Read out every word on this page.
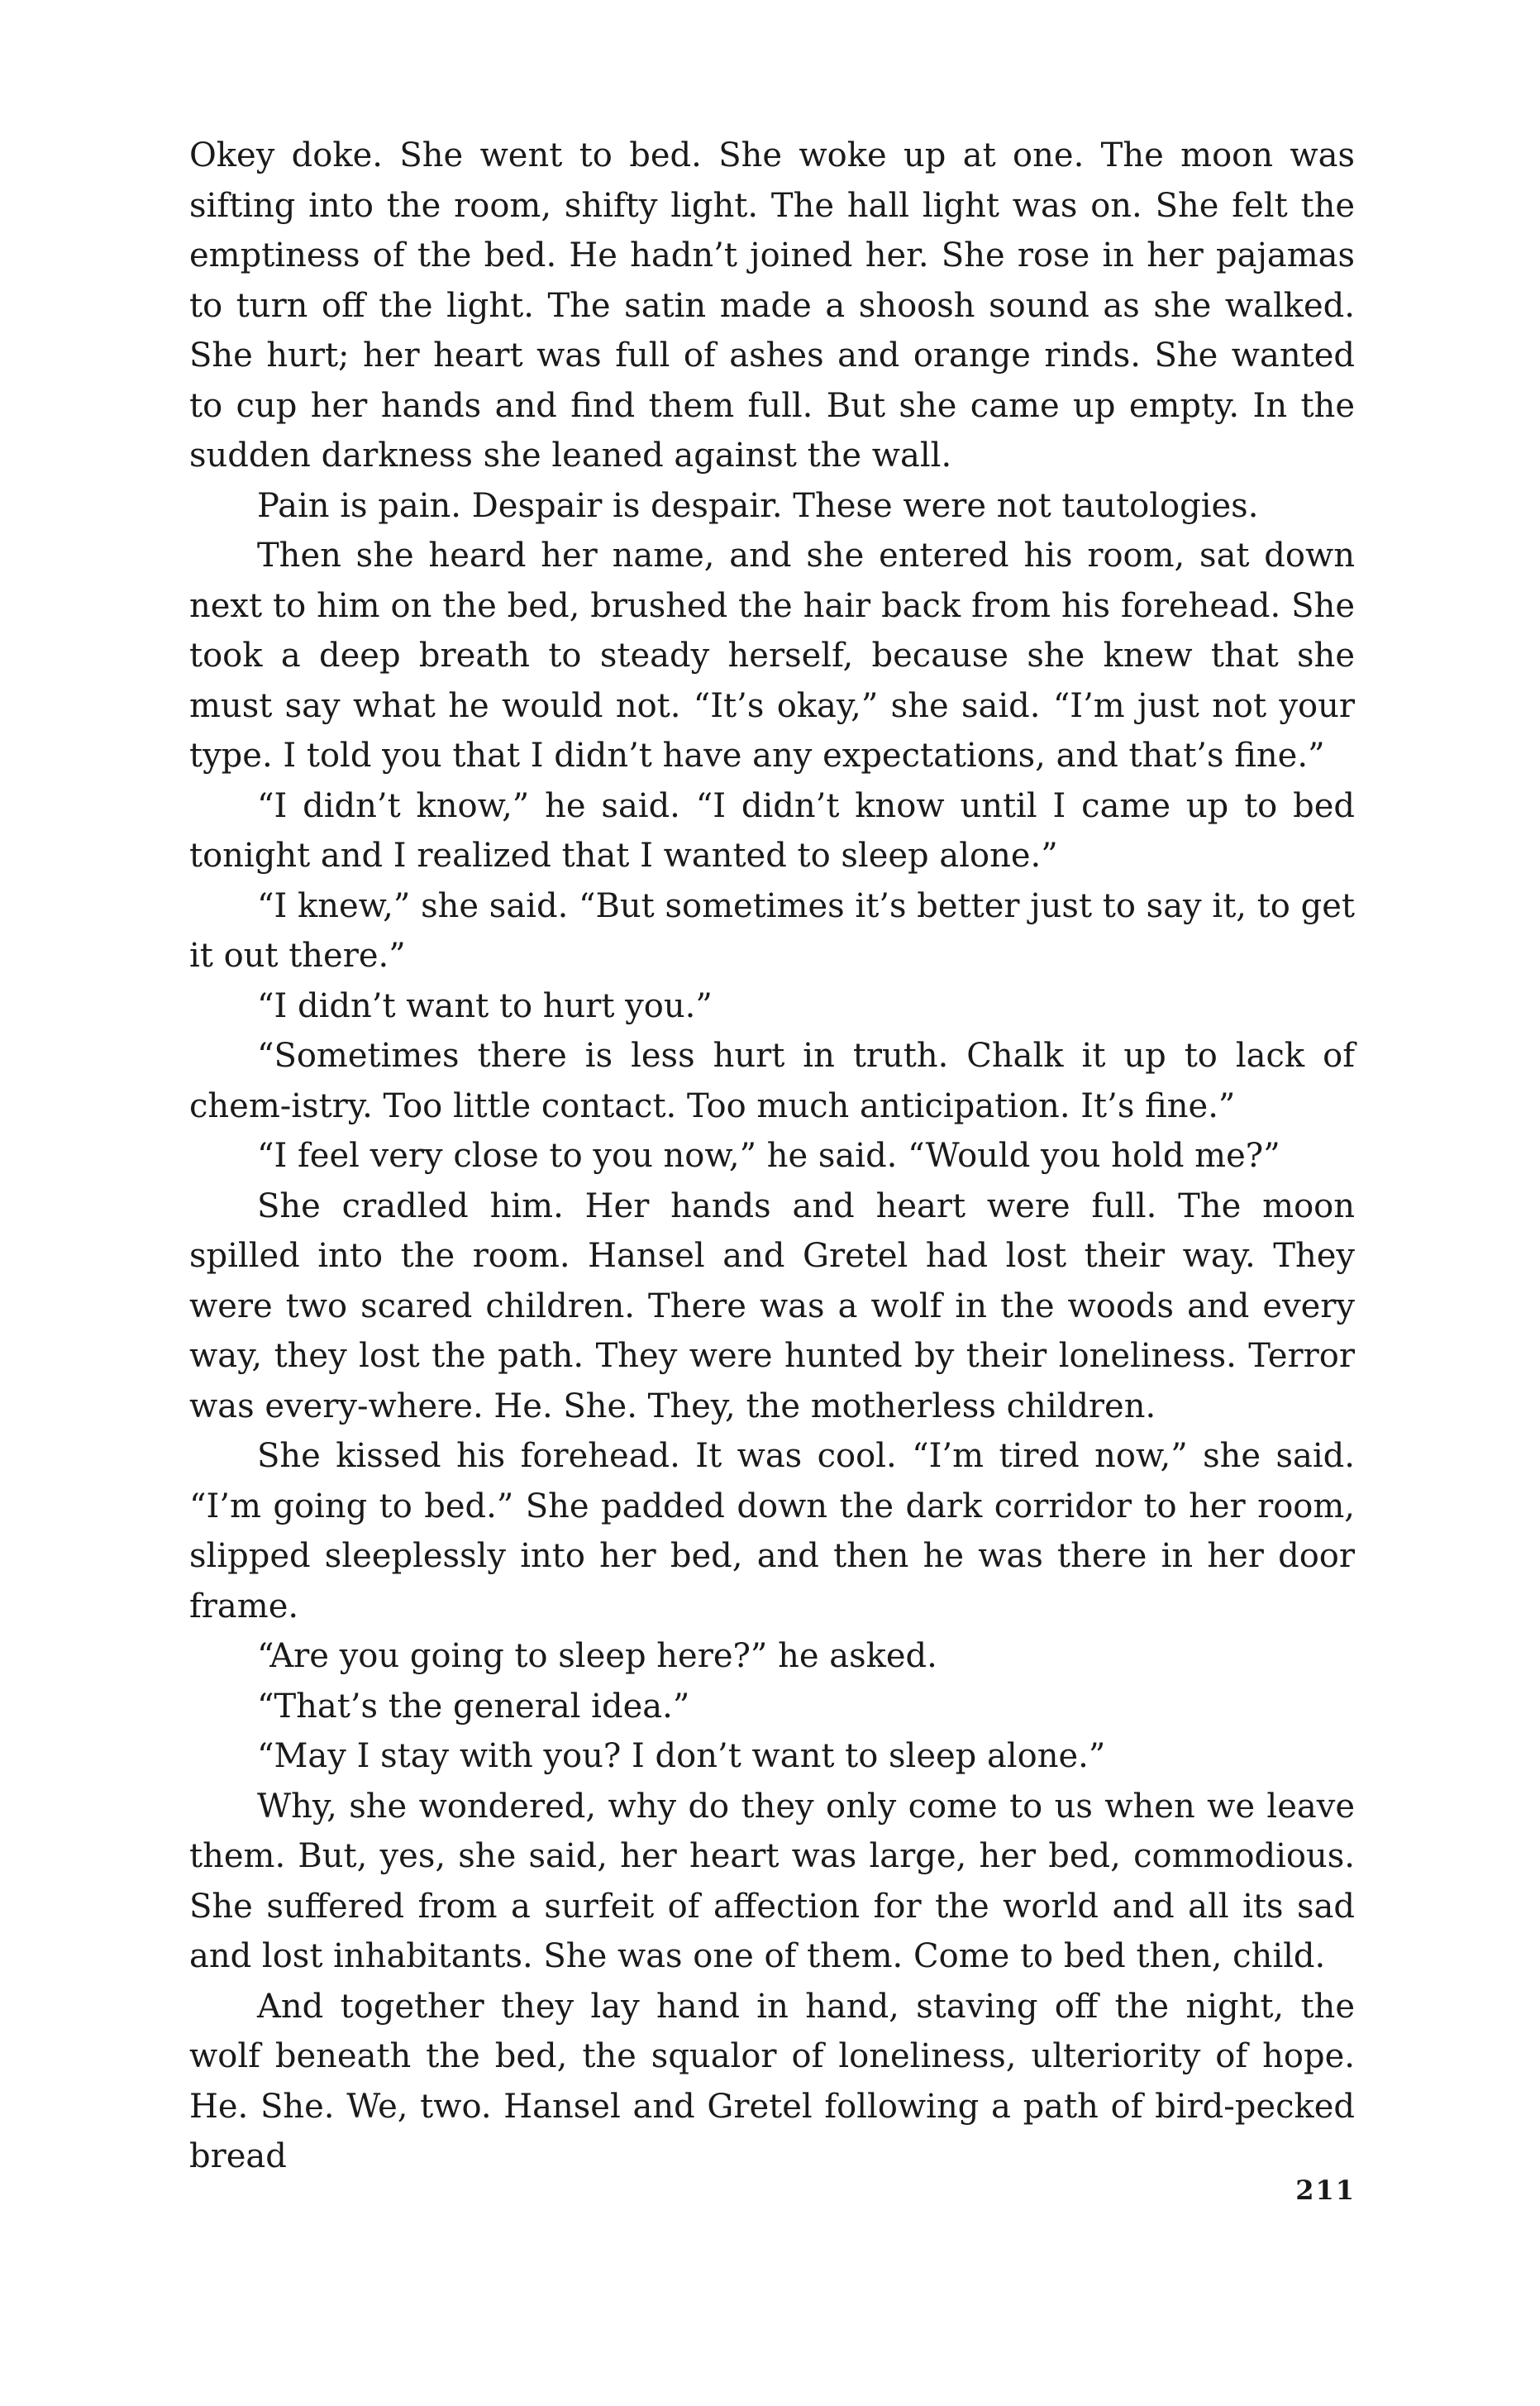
Okey doke. She went to bed. She woke up at one. The moon was sifting into the room, shifty light. The hall light was on. She felt the emptiness of the bed. He hadn’t joined her. She rose in her pajamas to turn off the light. The satin made a shoosh sound as she walked. She hurt; her heart was full of ashes and orange rinds. She wanted to cup her hands and find them full. But she came up empty. In the sudden darkness she leaned against the wall.

Pain is pain. Despair is despair. These were not tautologies.

Then she heard her name, and she entered his room, sat down next to him on the bed, brushed the hair back from his forehead. She took a deep breath to steady herself, because she knew that she must say what he would not. “It’s okay,” she said. “I’m just not your type. I told you that I didn’t have any expectations, and that’s fine.”

“I didn’t know,” he said. “I didn’t know until I came up to bed tonight and I realized that I wanted to sleep alone.”

“I knew,” she said. “But sometimes it’s better just to say it, to get it out there.”

“I didn’t want to hurt you.”

“Sometimes there is less hurt in truth. Chalk it up to lack of chem-istry. Too little contact. Too much anticipation. It’s fine.”

“I feel very close to you now,” he said. “Would you hold me?”

She cradled him. Her hands and heart were full. The moon spilled into the room. Hansel and Gretel had lost their way. They were two scared children. There was a wolf in the woods and every way, they lost the path. They were hunted by their loneliness. Terror was every-where. He. She. They, the motherless children.

She kissed his forehead. It was cool. “I’m tired now,” she said. “I’m going to bed.” She padded down the dark corridor to her room, slipped sleeplessly into her bed, and then he was there in her door frame.

“Are you going to sleep here?” he asked.

“That’s the general idea.”

“May I stay with you? I don’t want to sleep alone.”

Why, she wondered, why do they only come to us when we leave them. But, yes, she said, her heart was large, her bed, commodious. She suffered from a surfeit of affection for the world and all its sad and lost inhabitants. She was one of them. Come to bed then, child.

And together they lay hand in hand, staving off the night, the wolf beneath the bed, the squalor of loneliness, ulteriority of hope. He. She. We, two. Hansel and Gretel following a path of bird-pecked bread

211
